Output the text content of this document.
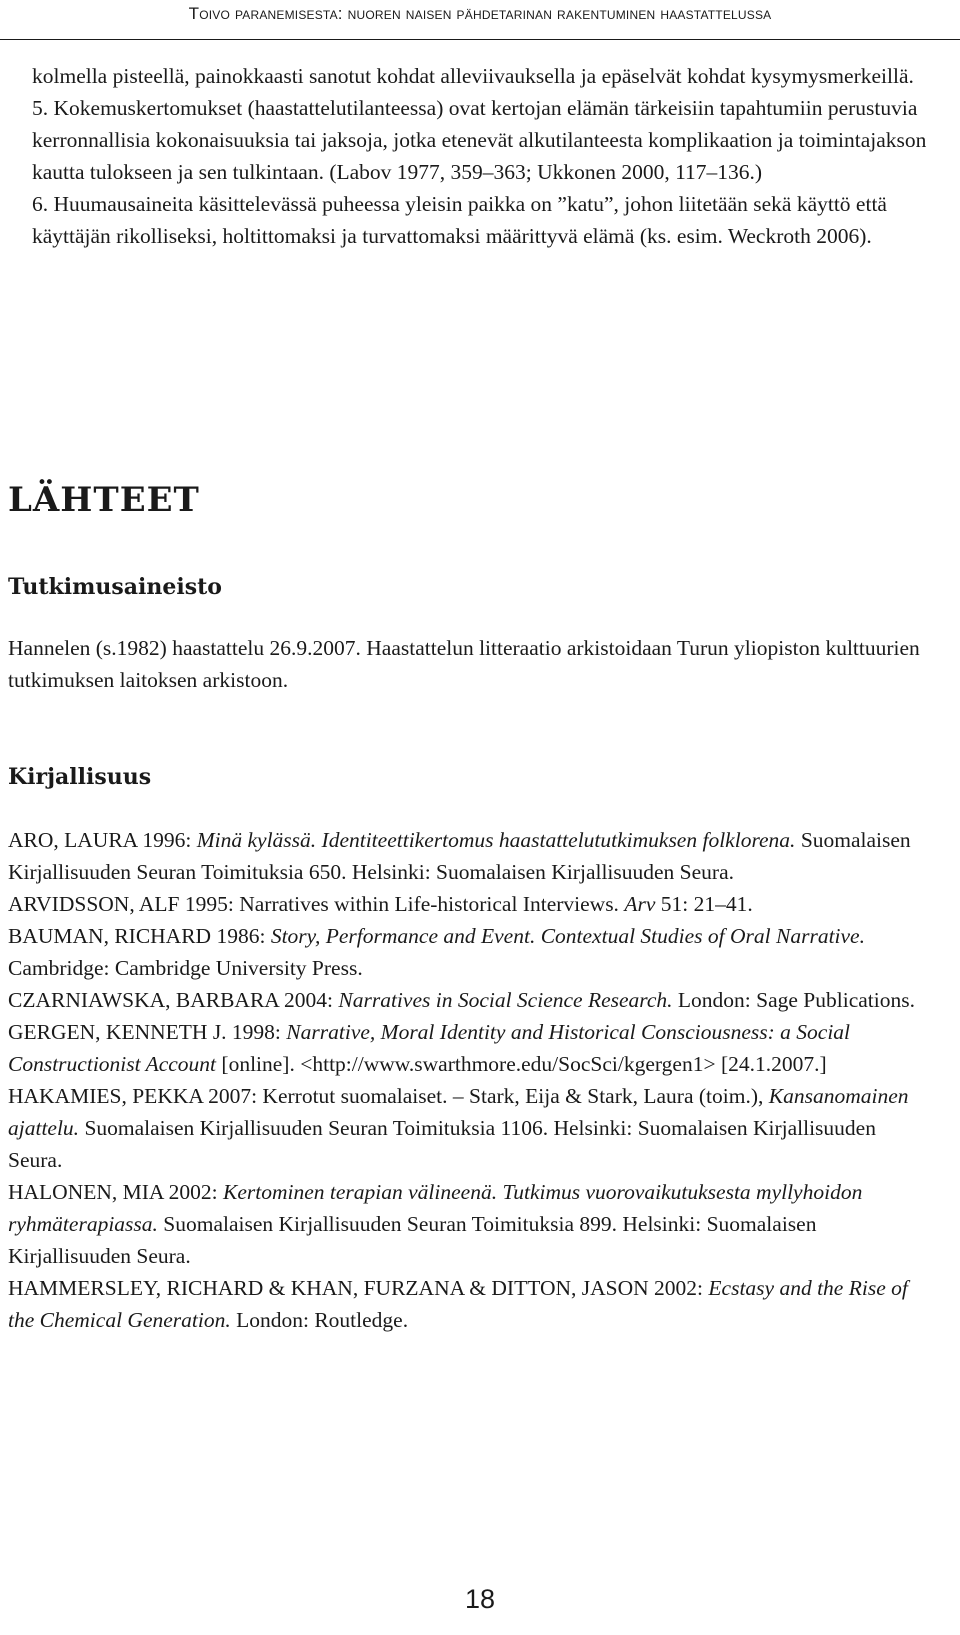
Toivo paranemisesta: nuoren naisen pähdetarinan rakentuminen haastattelussa

kolmella pisteellä, painokkaasti sanotut kohdat alleviivauksella ja epäselvät kohdat kysymysmerkeillä.

5. Kokemuskertomukset (haastattelutilanteessa) ovat kertojan elämän tärkeisiin tapahtumiin perustuvia kerronnallisia kokonaisuuksia tai jaksoja, jotka etenevät alkutilanteesta komplikaation ja toimintajakson kautta tulokseen ja sen tulkintaan. (Labov 1977, 359–363; Ukkonen 2000, 117–136.)

6. Huumausaineita käsittelevässä puheessa yleisin paikka on ”katu”, johon liitetään sekä käyttö että käyttäjän rikolliseksi, holtittomaksi ja turvattomaksi määrittyvä elämä (ks. esim. Weckroth 2006).

LÄHTEET
Tutkimusaineisto

Hannelen (s.1982) haastattelu 26.9.2007. Haastattelun litteraatio arkistoidaan Turun yliopiston kulttuurien tutkimuksen laitoksen arkistoon.

Kirjallisuus

ARO, LAURA 1996: Minä kylässä. Identiteettikertomus haastattelututkimuksen folklorena. Suomalaisen Kirjallisuuden Seuran Toimituksia 650. Helsinki: Suomalaisen Kirjallisuuden Seura.

ARVIDSSON, ALF 1995: Narratives within Life-historical Interviews. Arv 51: 21–41.

BAUMAN, RICHARD 1986: Story, Performance and Event. Contextual Studies of Oral Narrative. Cambridge: Cambridge University Press.

CZARNIAWSKA, BARBARA 2004: Narratives in Social Science Research. London: Sage Publications.

GERGEN, KENNETH J. 1998: Narrative, Moral Identity and Historical Consciousness: a Social Constructionist Account [online]. <http://www.swarthmore.edu/SocSci/kgergen1> [24.1.2007.]

HAKAMIES, PEKKA 2007: Kerrotut suomalaiset. – Stark, Eija & Stark, Laura (toim.), Kansanomainen ajattelu. Suomalaisen Kirjallisuuden Seuran Toimituksia 1106. Helsinki: Suomalaisen Kirjallisuuden Seura.

HALONEN, MIA 2002: Kertominen terapian välineenä. Tutkimus vuorovaikutuksesta myllyhoidon ryhmäterapiassa. Suomalaisen Kirjallisuuden Seuran Toimituksia 899. Helsinki: Suomalaisen Kirjallisuuden Seura.

HAMMERSLEY, RICHARD & KHAN, FURZANA & DITTON, JASON 2002: Ecstasy and the Rise of the Chemical Generation. London: Routledge.

18
